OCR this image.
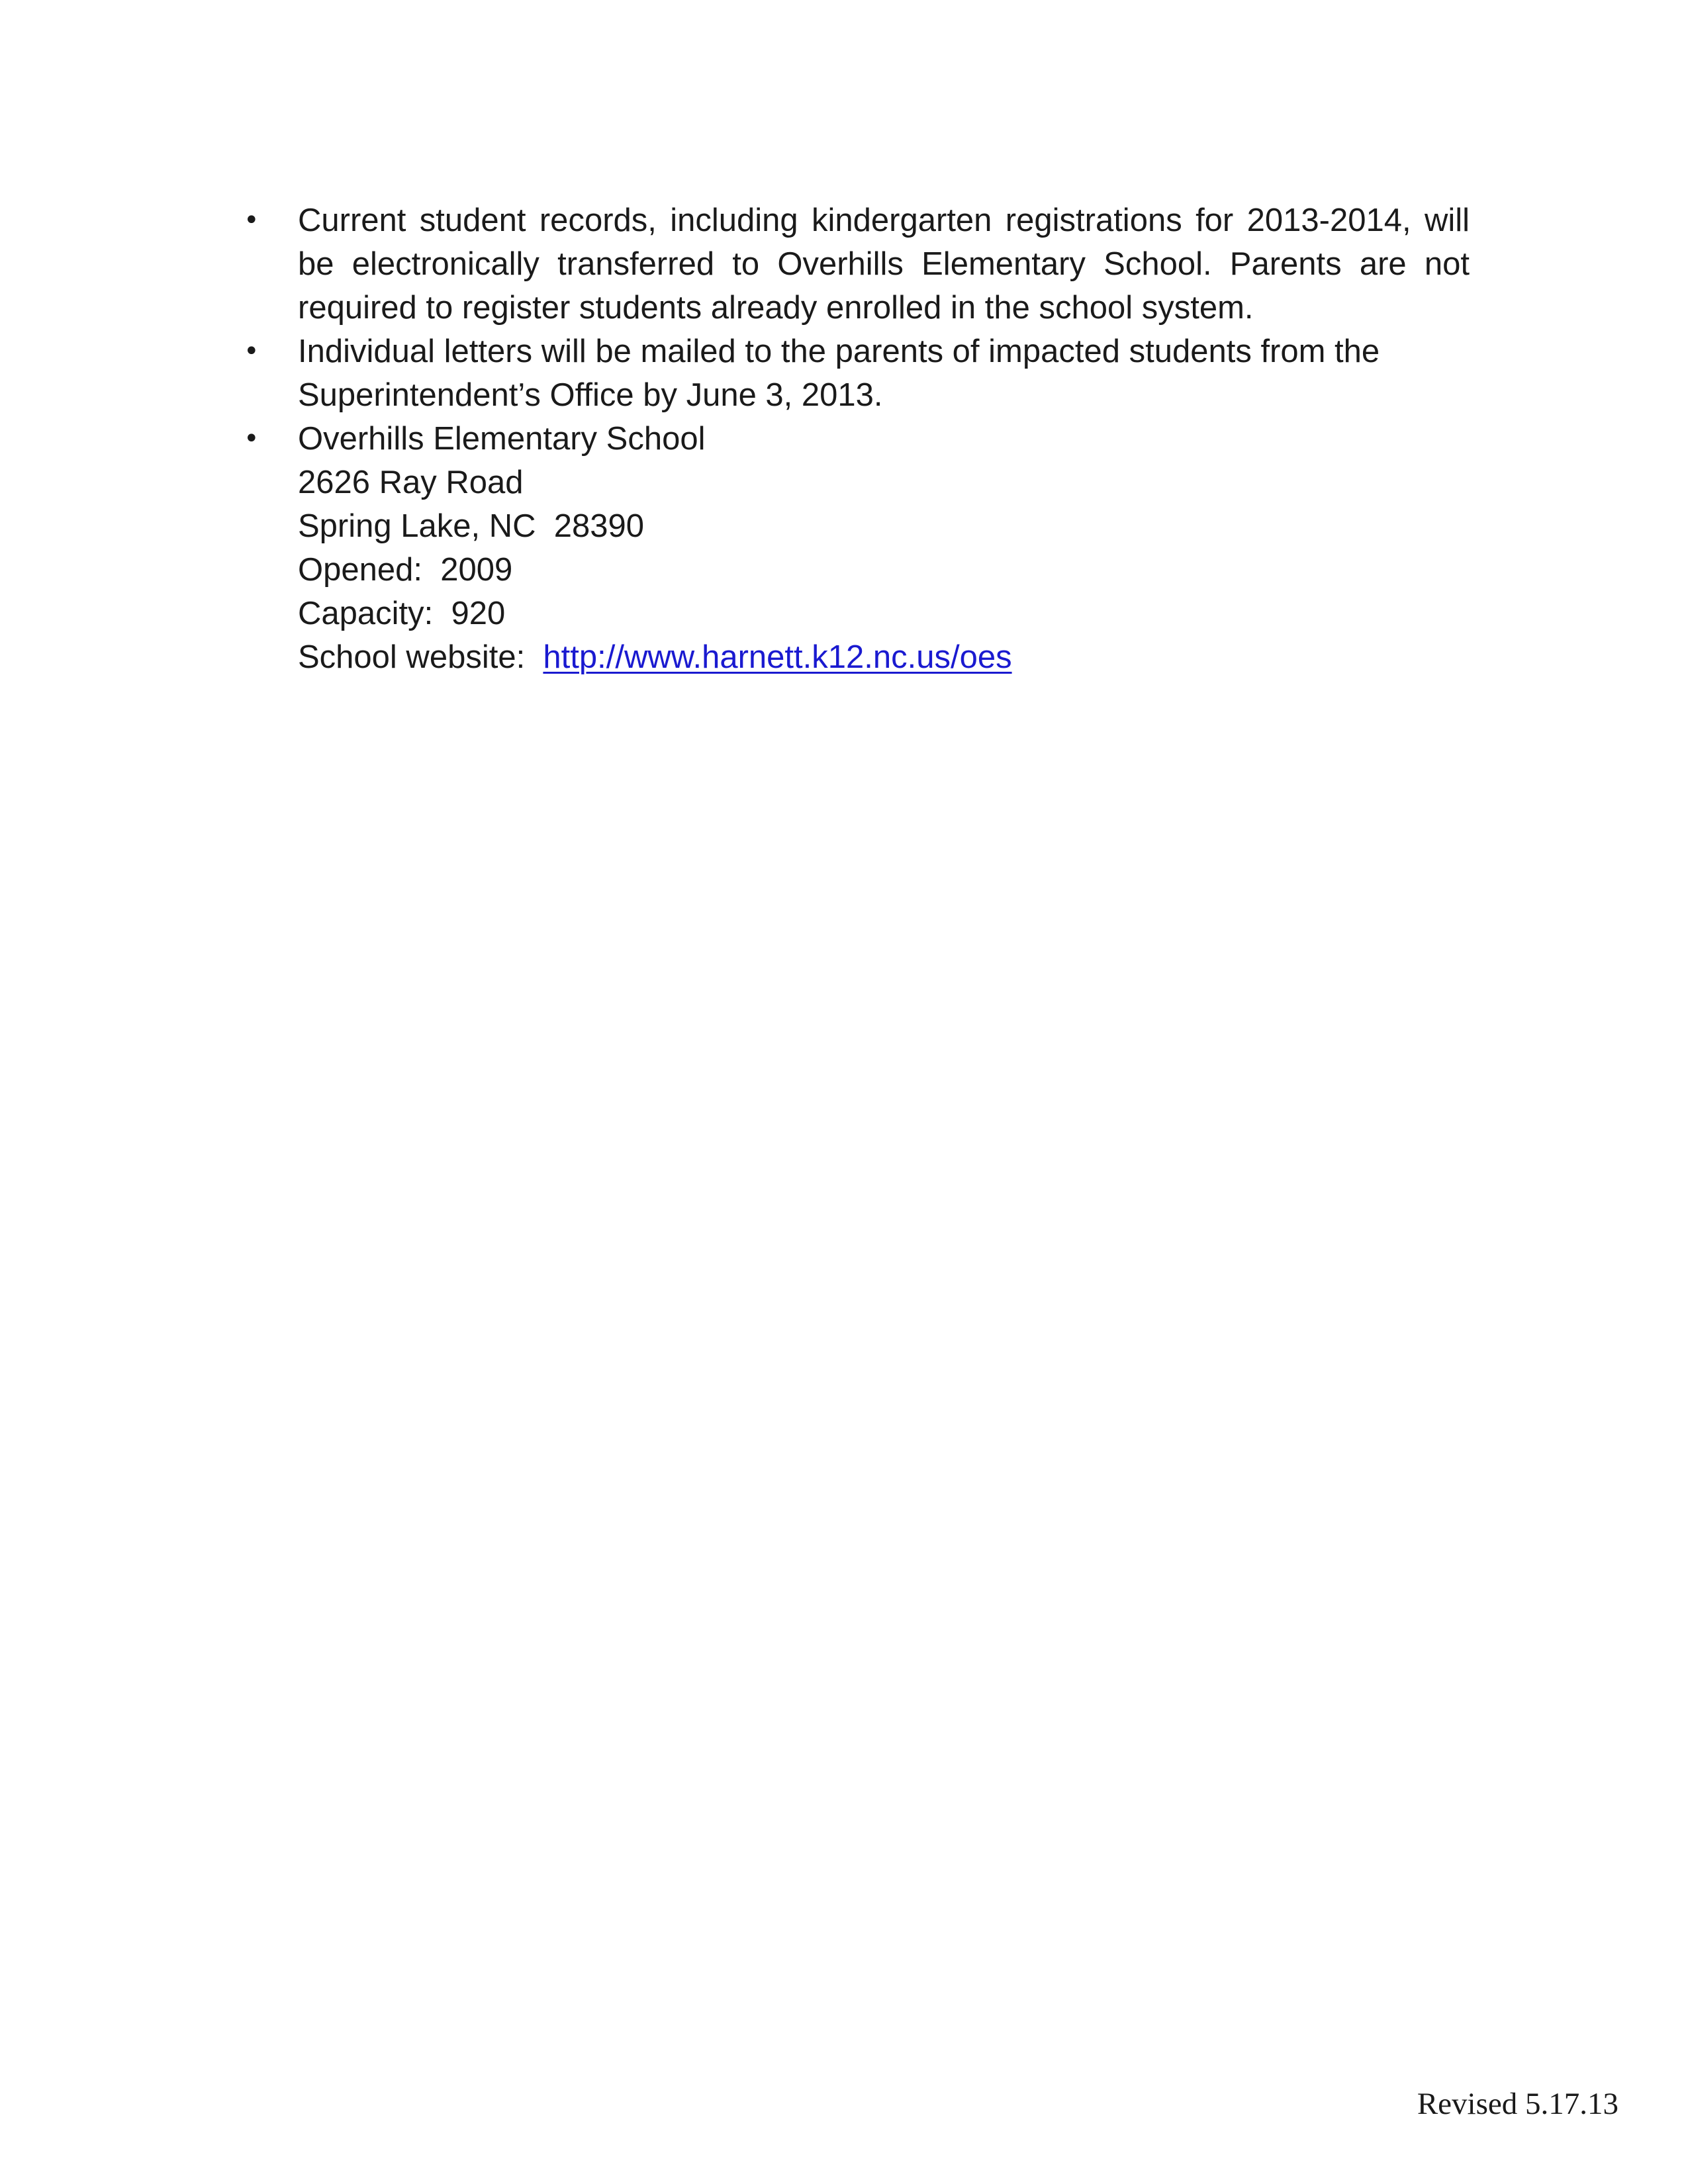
• Current student records, including kindergarten registrations for 2013-2014, will be electronically transferred to Overhills Elementary School. Parents are not required to register students already enrolled in the school system.
• Individual letters will be mailed to the parents of impacted students from the Superintendent’s Office by June 3, 2013.
• Overhills Elementary School
2626 Ray Road
Spring Lake, NC  28390
Opened:  2009
Capacity:  920
School website:  http://www.harnett.k12.nc.us/oes
Revised 5.17.13
